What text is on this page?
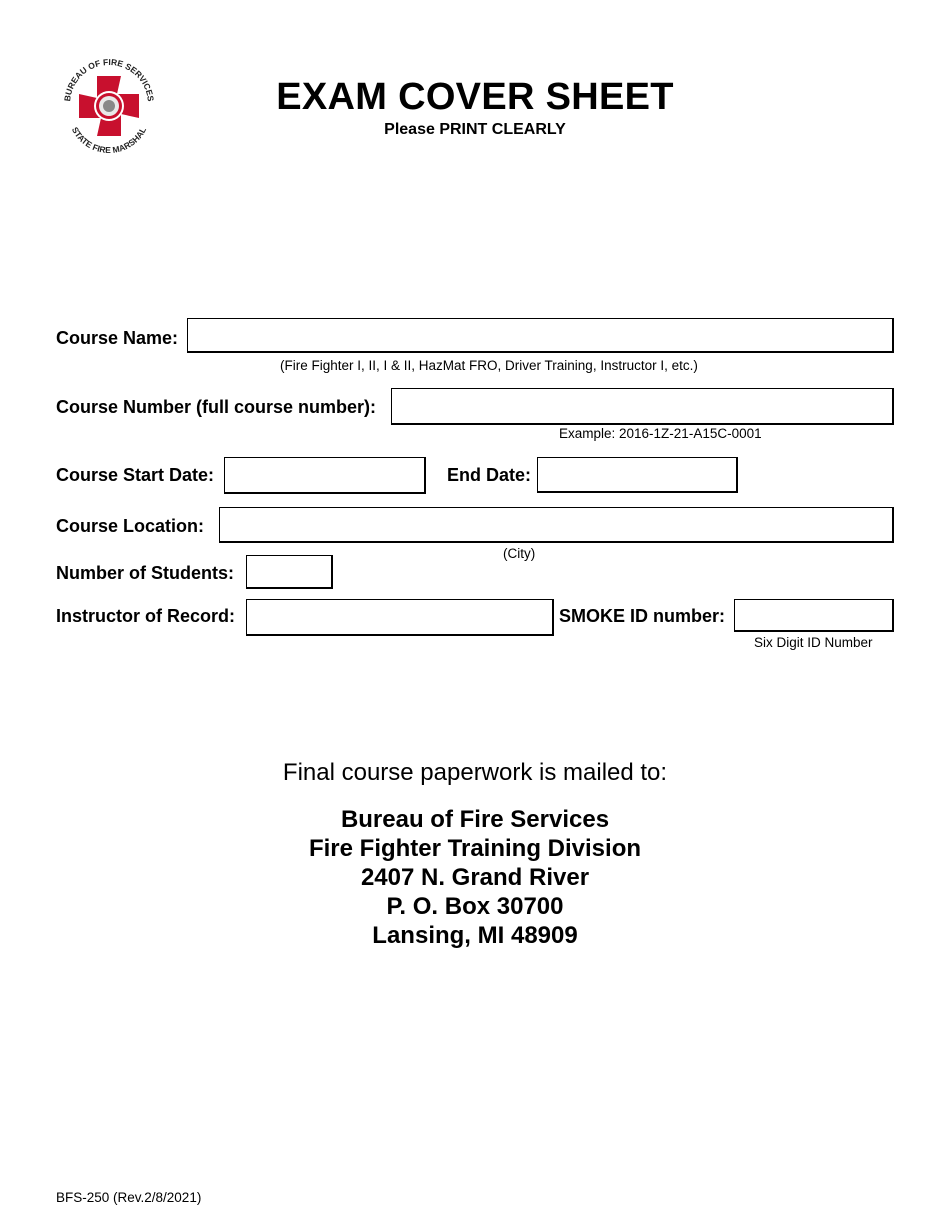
BUREAU OF FIRE SERVICES
STATE FIRE MARSHAL
EXAM COVER SHEET
Please PRINT CLEARLY
Course Name:
(Fire Fighter I, II, I & II, HazMat FRO, Driver Training, Instructor I, etc.)
Course Number (full course number):
Example: 2016-1Z-21-A15C-0001
Course Start Date:	End Date:
Course Location:
(City)
Number of Students:
Instructor of Record:	SMOKE ID number:
Six Digit ID Number
Final course paperwork is mailed to:
Bureau of Fire Services
Fire Fighter Training Division
2407 N. Grand River
P. O. Box 30700
Lansing, MI 48909
BFS-250 (Rev.2/8/2021)
